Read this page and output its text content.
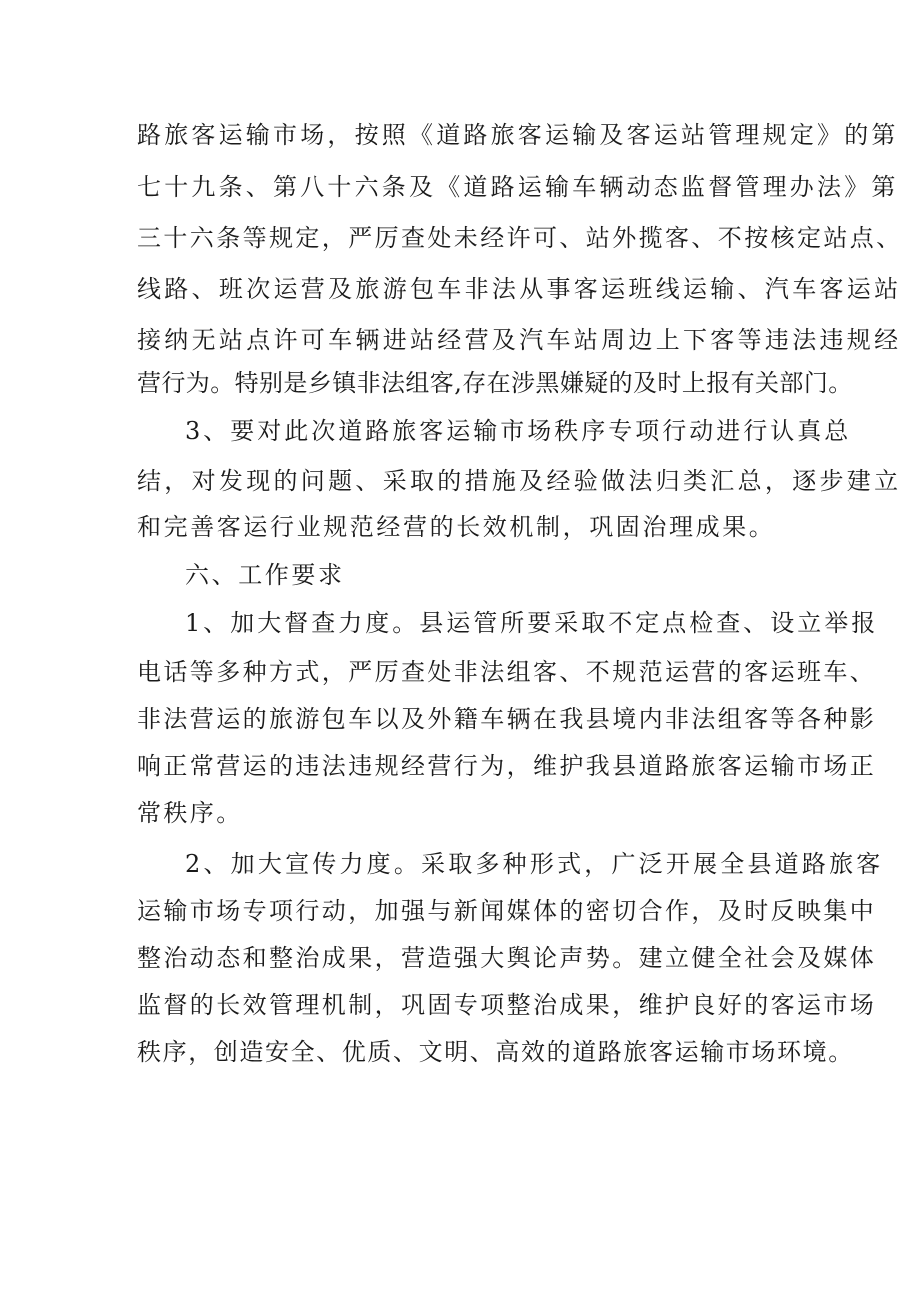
路旅客运输市场，按照《道路旅客运输及客运站管理规定》的第
七十九条、第八十六条及《道路运输车辆动态监督管理办法》第
三十六条等规定，严厉查处未经许可、站外揽客、不按核定站点、
线路、班次运营及旅游包车非法从事客运班线运输、汽车客运站
接纳无站点许可车辆进站经营及汽车站周边上下客等违法违规经
营行为。特别是乡镇非法组客,存在涉黑嫌疑的及时上报有关部门。
3、要对此次道路旅客运输市场秩序专项行动进行认真总
结，对发现的问题、采取的措施及经验做法归类汇总，逐步建立
和完善客运行业规范经营的长效机制，巩固治理成果。
六、工作要求
1、加大督查力度。县运管所要采取不定点检查、设立举报
电话等多种方式，严厉查处非法组客、不规范运营的客运班车、
非法营运的旅游包车以及外籍车辆在我县境内非法组客等各种影
响正常营运的违法违规经营行为，维护我县道路旅客运输市场正
常秩序。
2、加大宣传力度。采取多种形式，广泛开展全县道路旅客
运输市场专项行动，加强与新闻媒体的密切合作，及时反映集中
整治动态和整治成果，营造强大舆论声势。建立健全社会及媒体
监督的长效管理机制，巩固专项整治成果，维护良好的客运市场
秩序，创造安全、优质、文明、高效的道路旅客运输市场环境。
